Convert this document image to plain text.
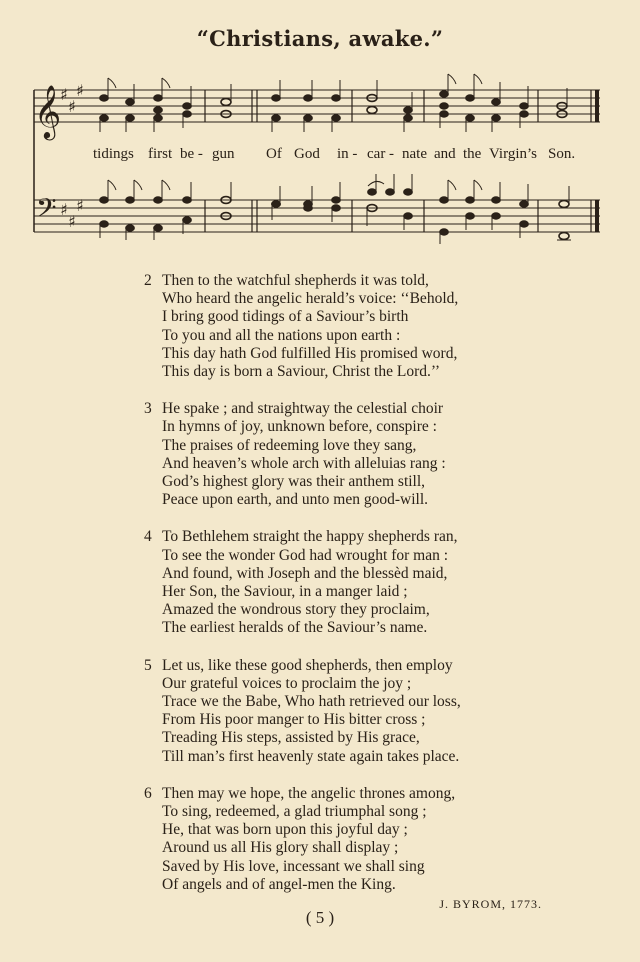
“Christians, awake.”
𝄞
𝄢
♯
♯
♯
♯
♯
♯
tidings first be - gun Of God in - car - nate and the Virgin’s Son.
2 Then to the watchful shepherds it was told,
Who heard the angelic herald’s voice: ‘‘Behold,
I bring good tidings of a Saviour’s birth
To you and all the nations upon earth :
This day hath God fulfilled His promised word,
This day is born a Saviour, Christ the Lord.’’
3 He spake ; and straightway the celestial choir
In hymns of joy, unknown before, conspire :
The praises of redeeming love they sang,
And heaven’s whole arch with alleluias rang :
God’s highest glory was their anthem still,
Peace upon earth, and unto men good-will.
4 To Bethlehem straight the happy shepherds ran,
To see the wonder God had wrought for man :
And found, with Joseph and the blessèd maid,
Her Son, the Saviour, in a manger laid ;
Amazed the wondrous story they proclaim,
The earliest heralds of the Saviour’s name.
5 Let us, like these good shepherds, then employ
Our grateful voices to proclaim the joy ;
Trace we the Babe, Who hath retrieved our loss,
From His poor manger to His bitter cross ;
Treading His steps, assisted by His grace,
Till man’s first heavenly state again takes place.
6 Then may we hope, the angelic thrones among,
To sing, redeemed, a glad triumphal song ;
He, that was born upon this joyful day ;
Around us all His glory shall display ;
Saved by His love, incessant we shall sing
Of angels and of angel-men the King.
J. BYROM, 1773.
( 5 )
